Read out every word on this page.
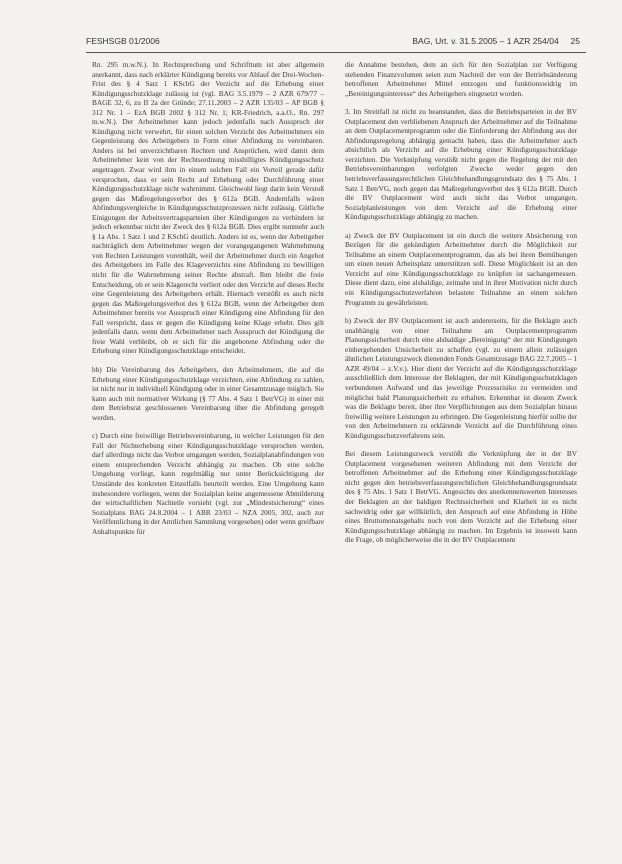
FESHSGB 01/2006	BAG, Urt. v. 31.5.2005 – 1 AZR 254/04 25

Rn. 295 m.w.N.). In Rechtsprechung und Schrifttum ist aber allgemein anerkannt, dass nach erklärter Kündigung bereits vor Ablauf der Drei-Wochen-Frist des § 4 Satz 1 KSchG der Verzicht auf die Erhebung einer Kündigungsschutzklage zulässig ist (vgl. BAG 3.5.1979 – 2 AZR 679/77 – BAGE 32, 6, zu II 2a der Gründe; 27.11.2003 – 2 AZR 135/03 – AP BGB § 312 Nr. 1 – EzA BGB 2002 § 312 Nr. 1; KR-Friedrich, a.a.O., Rn. 297 m.w.N.). Der Arbeitnehmer kann jedoch jedenfalls nach Ausspruch der Kündigung nicht verwehrt, für einen solchen Verzicht des Arbeitnehmers ein Gegenleistung des Arbeitgebers in Form einer Abfindung zu vereinbaren. Anders ist bei unverzichtbaren Rechten und Ansprüchen, wird damit dem Arbeitnehmer kein von der Rechtsordnung missbilligtes Kündigungsschutz angetragen. Zwar wird ihm in einem solchen Fall ein Vorteil gerade dafür versprochen, dass er sein Recht auf Erhebung oder Durchführung einer Kündigungsschutzklage nicht wahrnimmt. Gleichwohl liegt darin kein Verstoß gegen das Maßregelungsverbot des § 612a BGB. Andernfalls wären Abfindungsvergleiche in Kündigungsschutzprozessen nicht zulässig. Gütliche Einigungen der Arbeitsvertragsparteien über Kündigungen zu verhindern ist jedoch erkennbar nicht der Zweck des § 612a BGB. Dies ergibt nunmehr auch § 1a Abs. 1 Satz 1 und 2 KSchG deutlich. Anders ist es, wenn der Arbeitgeber nachträglich dem Arbeitnehmer wegen der vorangegangenen Wahrnehmung von Rechten Leistungen vorenthält, weil der Arbeitnehmer durch ein Angebot des Arbeitgebers im Falle des Klageverzichts eine Abfindung zu bewilligen nicht für die Wahrnehmung seiner Rechte abstraft. Ihm bleibt die freie Entscheidung, ob er sein Klagerecht verliert oder den Verzicht auf dieses Recht eine Gegenleistung des Arbeitgebers erhält. Hiernach verstößt es auch nicht gegen das Maßregelungsverbot des § 612a BGB, wenn der Arbeitgeber dem Arbeitnehmer bereits vor Ausspruch einer Kündigung eine Abfindung für den Fall verspricht, dass er gegen die Kündigung keine Klage erhebt. Dies gilt jedenfalls dann, wenn dem Arbeitnehmer nach Ausspruch der Kündigung die freie Wahl verbleibt, ob er sich für die angebotene Abfindung oder die Erhebung einer Kündigungsschutzklage entscheidet.

bb) Die Vereinbarung des Arbeitgebers, den Arbeitnehmern, die auf die Erhebung einer Kündigungsschutzklage verzichten, eine Abfindung zu zahlen, ist nicht nur in individuell Kündigung oder in einer Gesamtzusage möglich. Sie kann auch mit normativer Wirkung (§ 77 Abs. 4 Satz 1 BetrVG) in einer mit dem Betriebsrat geschlossenen Vereinbarung über die Abfindung geregelt werden.

c) Durch eine freiwillige Betriebsvereinbarung, in welcher Leistungen für den Fall der Nichterhebung einer Kündigungsschutzklage versprochen werden, darf allerdings nicht das Verbot umgangen werden, Sozialplanabfindungen von einem entsprechenden Verzicht abhängig zu machen. Ob eine solche Umgehung vorliegt, kann regelmäßig nur unter Berücksichtigung der Umstände des konkreten Einzelfalls beurteilt werden. Eine Umgehung kann insbesondere vorliegen, wenn der Sozialplan keine angemessene Abmilderung der wirtschaftlichen Nachteile vorsieht (vgl. zur „Mindestsicherung“ eines Sozialplans BAG 24.8.2004 – 1 ABR 23/03 – NZA 2005, 302, auch zur Veröffentlichung in der Amtlichen Sammlung vorgesehen) oder wenn greifbare Anhaltspunkte für

die Annahme bestehen, dem an sich für den Sozialplan zur Verfügung stehenden Finanzvolumen seien zum Nachteil der von der Betriebsänderung betroffenen Arbeitnehmer Mittel entzogen und funktionswidrig im „Bereinigungsinteresse“ des Arbeitgebers eingesetzt worden.

3. Im Streitfall ist nicht zu beanstanden, dass die Betriebsparteien in der BV Outplacement den verbliebenen Anspruch der Arbeitnehmer auf die Teilnahme an dem Outplacementprogramm oder die Einforderung der Abfindung aus der Abfindungsregelung abhängig gemacht haben, dass die Arbeitnehmer auch absichtlich als Verzicht auf die Erhebung einer Kündigungsschutzklage verzichten. Die Verknüpfung verstößt nicht gegen die Regelung der mit den Betriebsvereinbarungen verfolgten Zwecke weder gegen den betriebsverfassungsrechtlichen Gleichbehandlungsgrundsatz des § 75 Abs. 1 Satz 1 BetrVG, noch gegen das Maßregelungsverbot des § 612a BGB. Durch die BV Outplacement wird auch nicht das Verbot umgangen, Sozialplanleistungen von dem Verzicht auf die Erhebung einer Kündigungsschutzklage abhängig zu machen.

a) Zweck der BV Outplacement ist ein durch die weitere Absicherung von Bezügen für die gekündigten Arbeitnehmer durch die Möglichkeit zur Teilnahme an einem Outplacementprogramm, das als bei ihren Bemühungen um einen neuen Arbeitsplatz unterstützen soll. Diese Möglichkeit ist an den Verzicht auf eine Kündigungsschutzklage zu knüpfen ist sachangemessen. Diese dient dazu, eine alsbaldige, zeitnahe und in ihrer Motivation nicht durch ein Kündigungsschutzverfahren belastete Teilnahme an einem solchen Programm zu gewährleisten.

b) Zweck der BV Outplacement ist auch andererseits, für die Beklagte auch unabhängig von einer Teilnahme am Outplacementprogramm Planungssicherheit durch eine alsbaldige „Bereinigung“ der mit Kündigungen einhergehenden Unsicherheit zu schaffen (vgl. zu einem allein zulässigen ähnlichen Leistungszweck dienenden Fonds Gesamtzusage BAG 22.7.2005 – 1 AZR 49/04 – z.V.v.). Hier dient der Verzicht auf die Kündigungsschutzklage ausschließlich dem Interesse der Beklagten, der mit Kündigungsschutzklagen verbundenen Aufwand und das jeweilige Prozessrisiko zu vermeiden und möglichst bald Planungssicherheit zu erhalten. Erkennbar ist diesem Zweck was die Beklagte bereit, über ihre Verpflichtungen aus dem Sozialplan hinaus freiwillig weitere Leistungen zu erbringen. Die Gegenleistung hierfür sollte der von den Arbeitnehmern zu erklärende Verzicht auf die Durchführung eines Kündigungsschutzverfahrens sein.

Bei diesem Leistungszweck verstößt die Verknüpfung der in der BV Outplacement vorgesehenen weiteren Abfindung mit dem Verzicht der betroffenen Arbeitnehmer auf die Erhebung einer Kündigungsschutzklage nicht gegen den betriebsverfassungsrechtlichen Gleichbehandlungsgrundsatz des § 75 Abs. 1 Satz 1 BetrVG. Angesichts des anerkennenswerten Interesses der Beklagten an der baldigen Rechtssicherheit und Klarheit ist es nicht sachwidrig oder gar willkürlich, den Anspruch auf eine Abfindung in Höhe eines Bruttomonatsgehalts noch von dem Verzicht auf die Erhebung einer Kündigungsschutzklage abhängig zu machen. Im Ergebnis ist insoweit kann die Frage, ob möglicherweise die in der BV Outplacement
